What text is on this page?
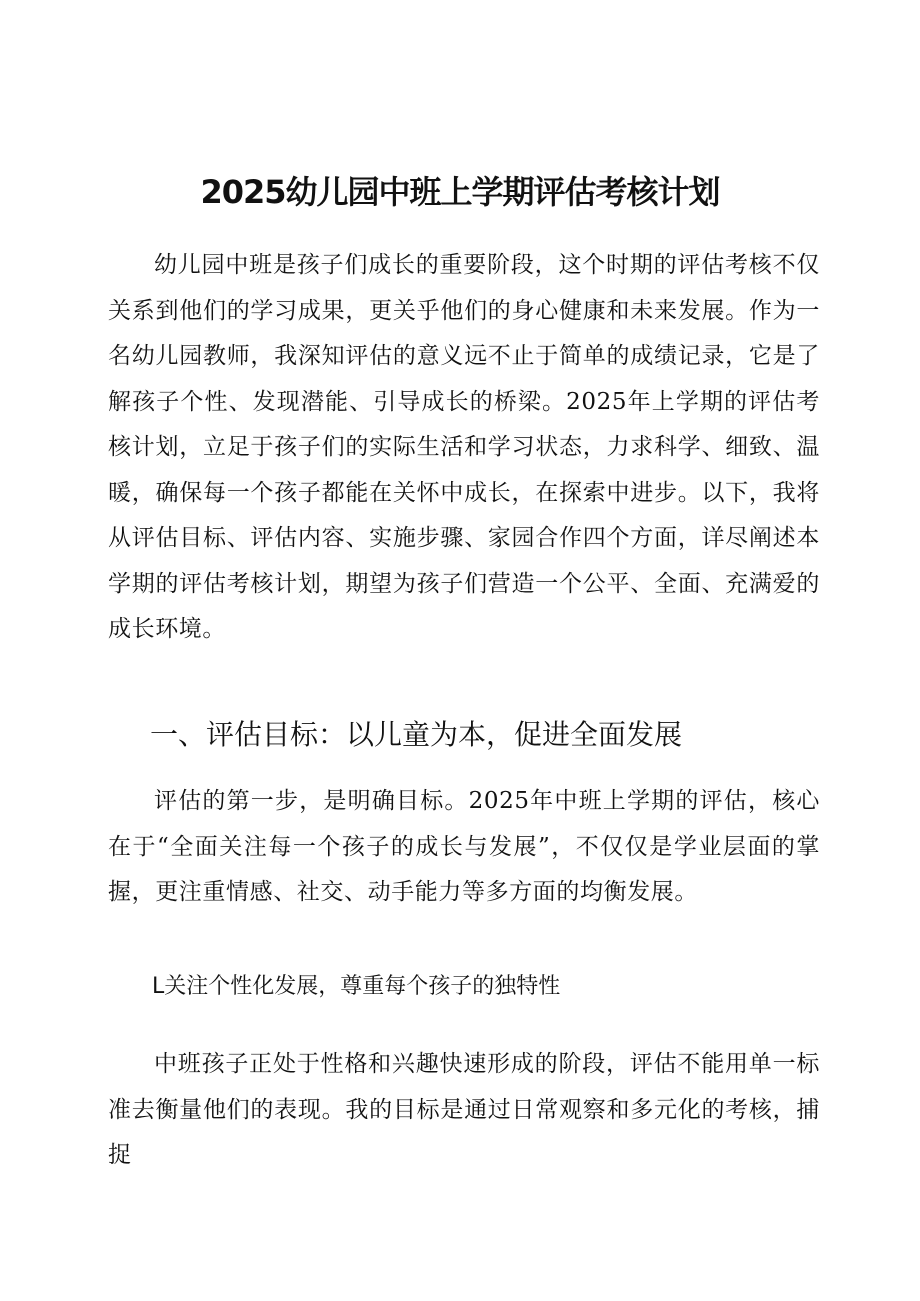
2025幼儿园中班上学期评估考核计划

幼儿园中班是孩子们成长的重要阶段，这个时期的评估考核不仅关系到他们的学习成果，更关乎他们的身心健康和未来发展。作为一名幼儿园教师，我深知评估的意义远不止于简单的成绩记录，它是了解孩子个性、发现潜能、引导成长的桥梁。2025年上学期的评估考核计划，立足于孩子们的实际生活和学习状态，力求科学、细致、温暖，确保每一个孩子都能在关怀中成长，在探索中进步。以下，我将从评估目标、评估内容、实施步骤、家园合作四个方面，详尽阐述本学期的评估考核计划，期望为孩子们营造一个公平、全面、充满爱的成长环境。

一、评估目标：以儿童为本，促进全面发展

评估的第一步，是明确目标。2025年中班上学期的评估，核心在于“全面关注每一个孩子的成长与发展”，不仅仅是学业层面的掌握，更注重情感、社交、动手能力等多方面的均衡发展。

L关注个性化发展，尊重每个孩子的独特性

中班孩子正处于性格和兴趣快速形成的阶段，评估不能用单一标准去衡量他们的表现。我的目标是通过日常观察和多元化的考核，捕捉
